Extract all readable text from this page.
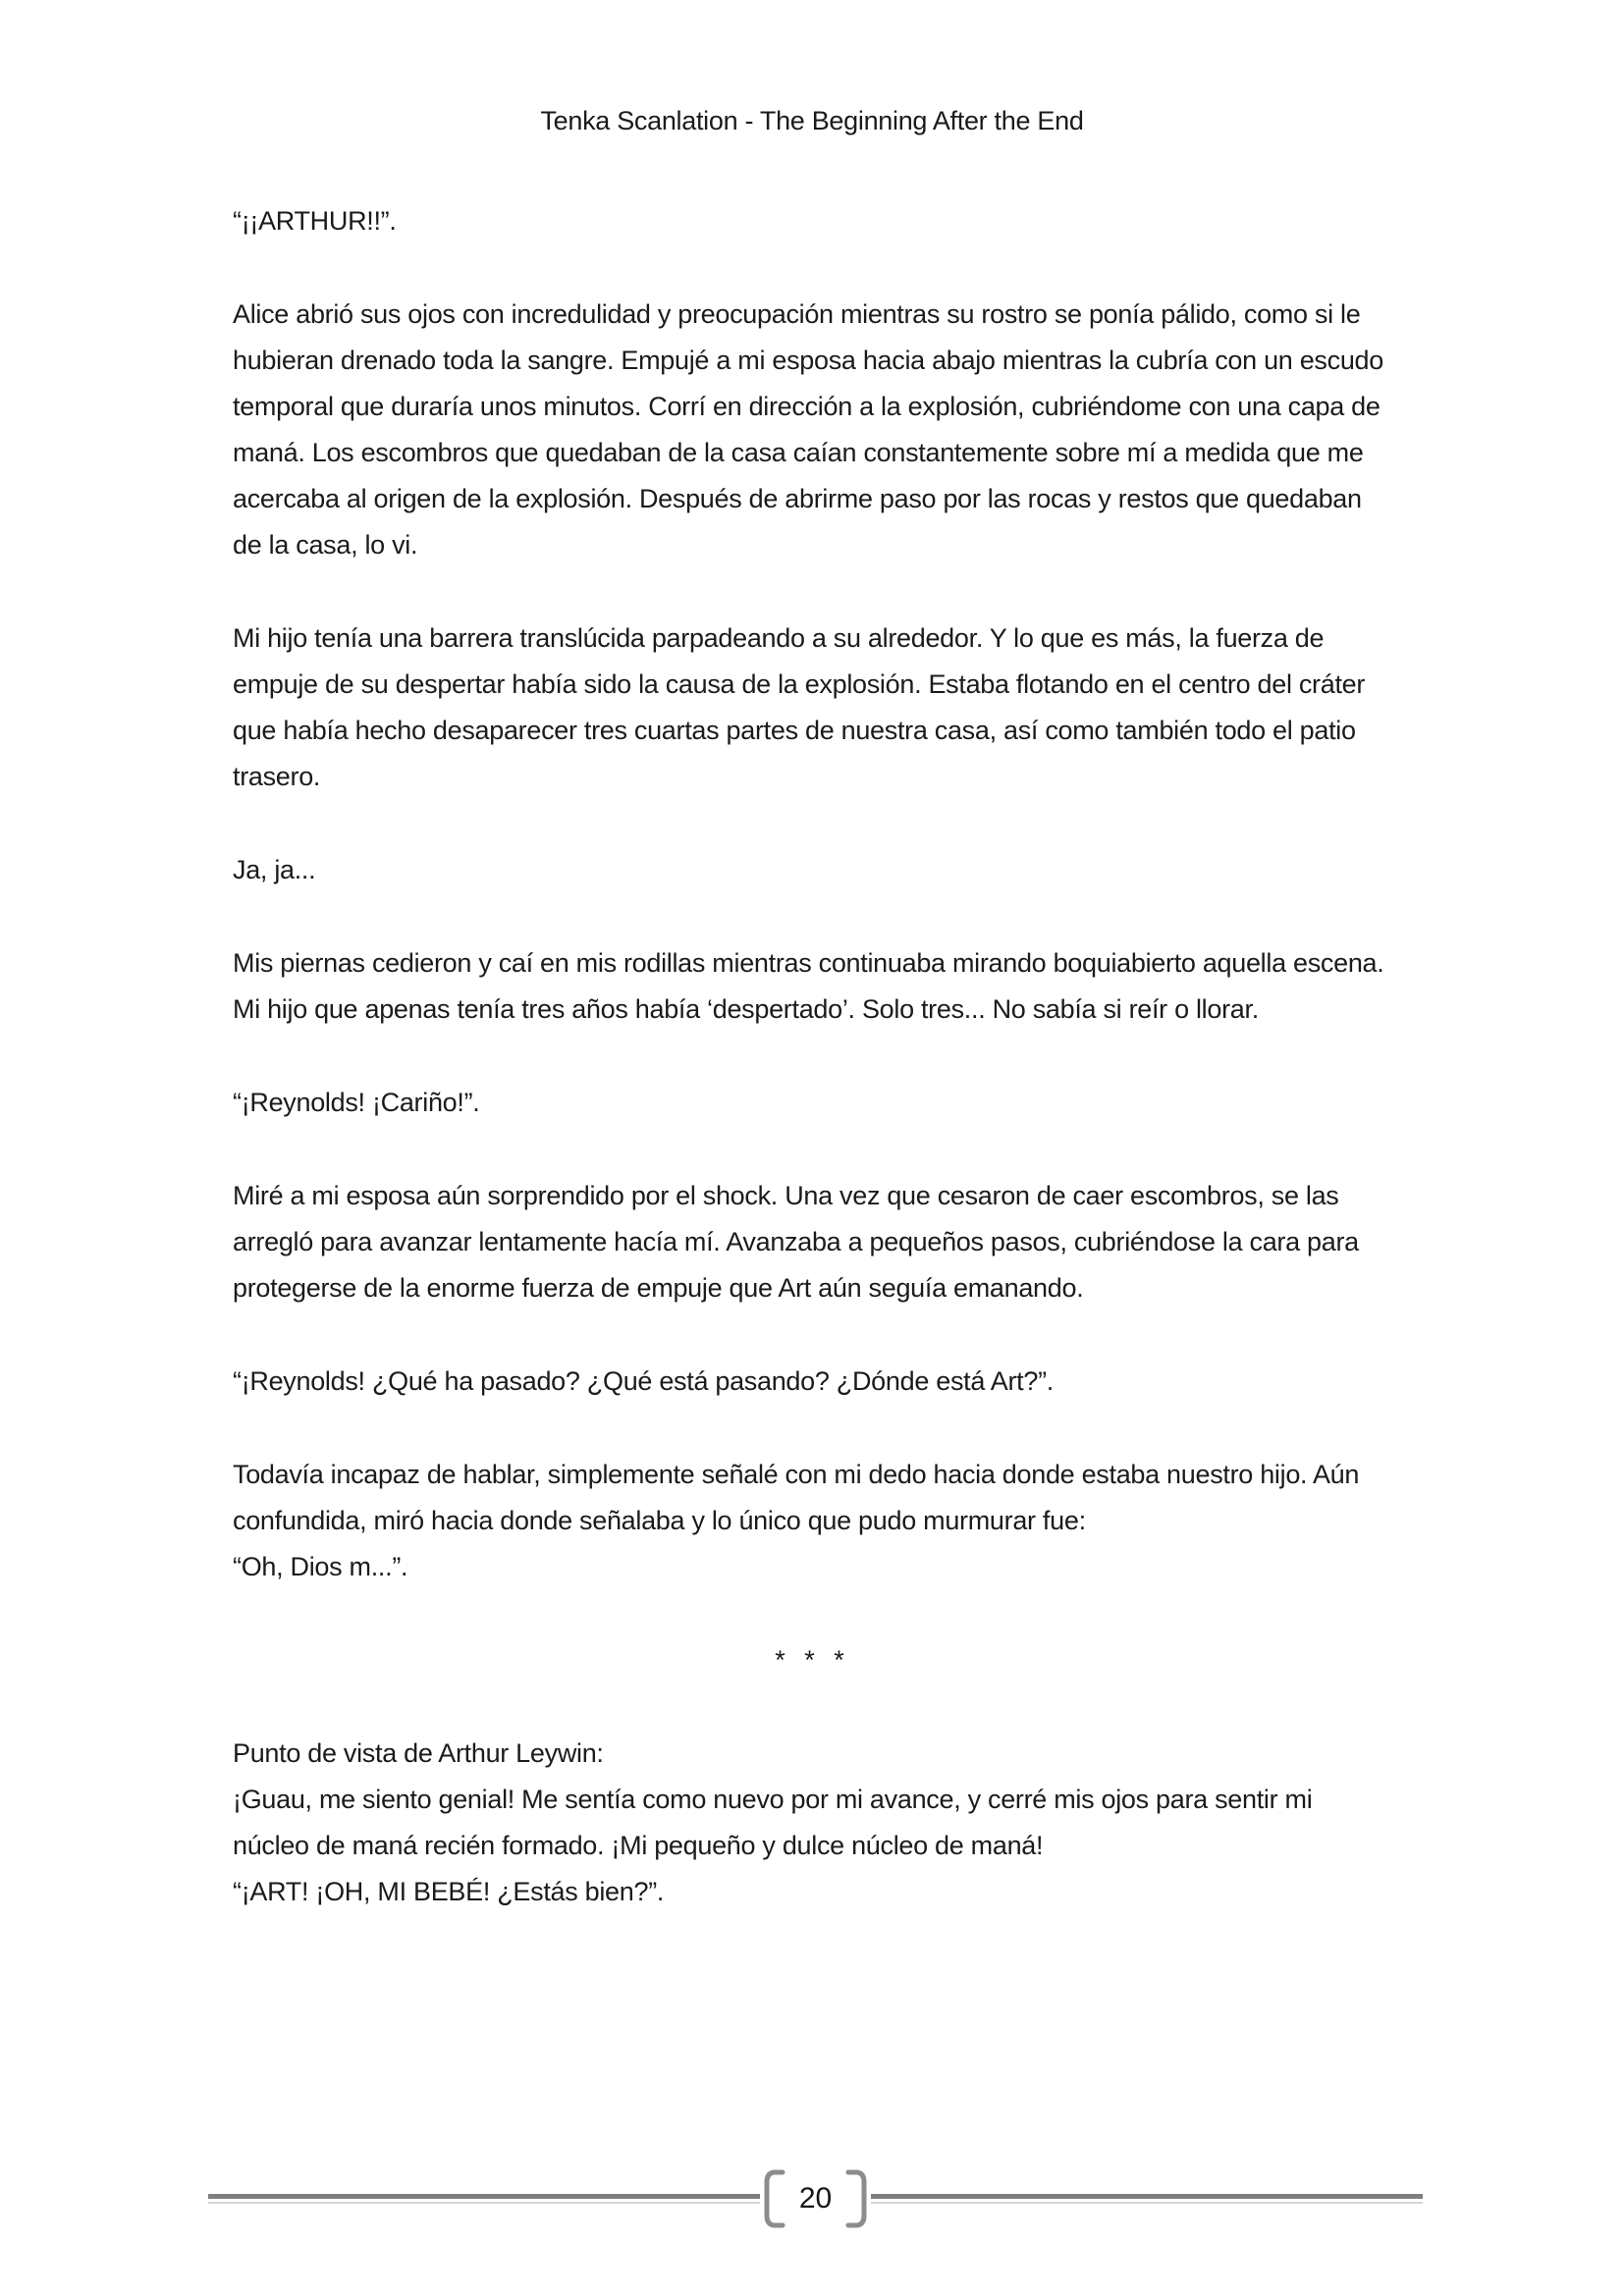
Tenka Scanlation - The Beginning After the End

“¡¡ARTHUR!!”.

Alice abrió sus ojos con incredulidad y preocupación mientras su rostro se ponía pálido, como si le hubieran drenado toda la sangre. Empujé a mi esposa hacia abajo mientras la cubría con un escudo temporal que duraría unos minutos. Corrí en dirección a la explosión, cubriéndome con una capa de maná. Los escombros que quedaban de la casa caían constantemente sobre mí a medida que me acercaba al origen de la explosión. Después de abrirme paso por las rocas y restos que quedaban de la casa, lo vi.

Mi hijo tenía una barrera translúcida parpadeando a su alrededor. Y lo que es más, la fuerza de empuje de su despertar había sido la causa de la explosión. Estaba flotando en el centro del cráter que había hecho desaparecer tres cuartas partes de nuestra casa, así como también todo el patio trasero.

Ja, ja...

Mis piernas cedieron y caí en mis rodillas mientras continuaba mirando boquiabierto aquella escena. Mi hijo que apenas tenía tres años había ‘despertado’. Solo tres... No sabía si reír o llorar.

“¡Reynolds! ¡Cariño!”.

Miré a mi esposa aún sorprendido por el shock. Una vez que cesaron de caer escombros, se las arregló para avanzar lentamente hacía mí. Avanzaba a pequeños pasos, cubriéndose la cara para protegerse de la enorme fuerza de empuje que Art aún seguía emanando.

“¡Reynolds! ¿Qué ha pasado? ¿Qué está pasando? ¿Dónde está Art?”.

Todavía incapaz de hablar, simplemente señalé con mi dedo hacia donde estaba nuestro hijo. Aún confundida, miró hacia donde señalaba y lo único que pudo murmurar fue:

“Oh, Dios m...”.

* * *

Punto de vista de Arthur Leywin:

¡Guau, me siento genial! Me sentía como nuevo por mi avance, y cerré mis ojos para sentir mi núcleo de maná recién formado. ¡Mi pequeño y dulce núcleo de maná!

“¡ART! ¡OH, MI BEBÉ! ¿Estás bien?”.

20
